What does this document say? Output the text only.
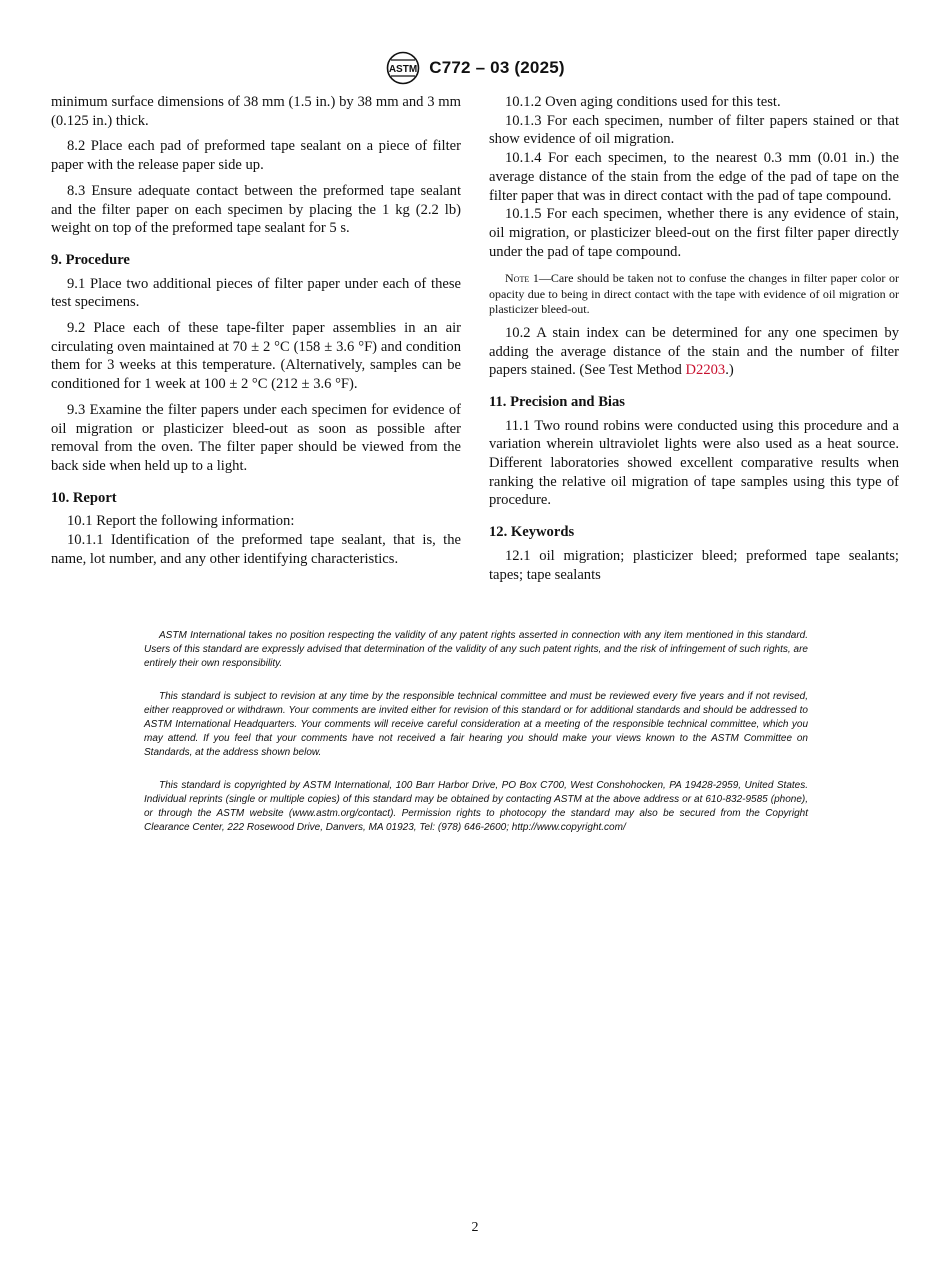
ASTM C772 – 03 (2025)

minimum surface dimensions of 38 mm (1.5 in.) by 38 mm and 3 mm (0.125 in.) thick.

8.2 Place each pad of preformed tape sealant on a piece of filter paper with the release paper side up.

8.3 Ensure adequate contact between the preformed tape sealant and the filter paper on each specimen by placing the 1 kg (2.2 lb) weight on top of the preformed tape sealant for 5 s.

9. Procedure

9.1 Place two additional pieces of filter paper under each of these test specimens.

9.2 Place each of these tape-filter paper assemblies in an air circulating oven maintained at 70 ± 2 °C (158 ± 3.6 °F) and condition them for 3 weeks at this temperature. (Alternatively, samples can be conditioned for 1 week at 100 ± 2 °C (212 ± 3.6 °F).

9.3 Examine the filter papers under each specimen for evidence of oil migration or plasticizer bleed-out as soon as possible after removal from the oven. The filter paper should be viewed from the back side when held up to a light.

10. Report

10.1 Report the following information:

10.1.1 Identification of the preformed tape sealant, that is, the name, lot number, and any other identifying characteristics.

10.1.2 Oven aging conditions used for this test.

10.1.3 For each specimen, number of filter papers stained or that show evidence of oil migration.

10.1.4 For each specimen, to the nearest 0.3 mm (0.01 in.) the average distance of the stain from the edge of the pad of tape on the filter paper that was in direct contact with the pad of tape compound.

10.1.5 For each specimen, whether there is any evidence of stain, oil migration, or plasticizer bleed-out on the first filter paper directly under the pad of tape compound.

Note 1—Care should be taken not to confuse the changes in filter paper color or opacity due to being in direct contact with the tape with evidence of oil migration or plasticizer bleed-out.

10.2 A stain index can be determined for any one specimen by adding the average distance of the stain and the number of filter papers stained. (See Test Method D2203.)

11. Precision and Bias

11.1 Two round robins were conducted using this procedure and a variation wherein ultraviolet lights were also used as a heat source. Different laboratories showed excellent comparative results when ranking the relative oil migration of tape samples using this type of procedure.

12. Keywords

12.1 oil migration; plasticizer bleed; preformed tape sealants; tapes; tape sealants

ASTM International takes no position respecting the validity of any patent rights asserted in connection with any item mentioned in this standard. Users of this standard are expressly advised that determination of the validity of any such patent rights, and the risk of infringement of such rights, are entirely their own responsibility.

This standard is subject to revision at any time by the responsible technical committee and must be reviewed every five years and if not revised, either reapproved or withdrawn. Your comments are invited either for revision of this standard or for additional standards and should be addressed to ASTM International Headquarters. Your comments will receive careful consideration at a meeting of the responsible technical committee, which you may attend. If you feel that your comments have not received a fair hearing you should make your views known to the ASTM Committee on Standards, at the address shown below.

This standard is copyrighted by ASTM International, 100 Barr Harbor Drive, PO Box C700, West Conshohocken, PA 19428-2959, United States. Individual reprints (single or multiple copies) of this standard may be obtained by contacting ASTM at the above address or at 610-832-9585 (phone), or through the ASTM website (www.astm.org/contact). Permission rights to photocopy the standard may also be secured from the Copyright Clearance Center, 222 Rosewood Drive, Danvers, MA 01923, Tel: (978) 646-2600; http://www.copyright.com/

2
